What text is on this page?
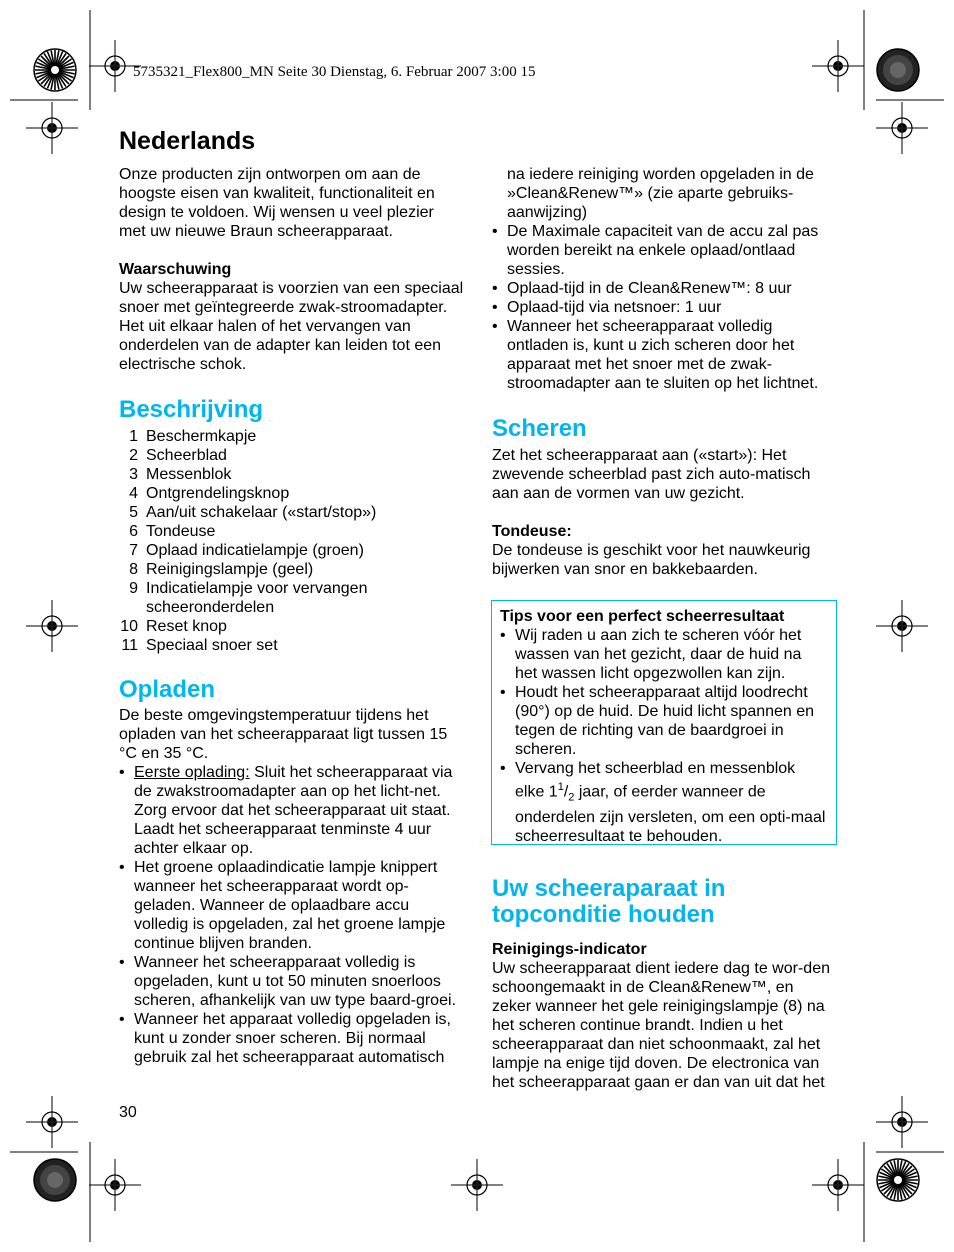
5735321_Flex800_MN Seite 30 Dienstag, 6. Februar 2007 3:00 15
Nederlands

Onze producten zijn ontworpen om aan de hoogste eisen van kwaliteit, functionaliteit en design te voldoen. Wij wensen u veel plezier met uw nieuwe Braun scheerapparaat.

Waarschuwing

Uw scheerapparaat is voorzien van een speciaal snoer met geïntegreerde zwak-stroomadapter. Het uit elkaar halen of het vervangen van onderdelen van de adapter kan leiden tot een electrische schok.

Beschrijving
1 Beschermkapje
2 Scheerblad
3 Messenblok
4 Ontgrendelingsknop
5 Aan/uit schakelaar («start/stop»)
6 Tondeuse
7 Oplaad indicatielampje (groen)
8 Reinigingslampje (geel)
9 Indicatielampje voor vervangen scheeronderdelen
10 Reset knop
11 Speciaal snoer set
Opladen

De beste omgevingstemperatuur tijdens het opladen van het scheerapparaat ligt tussen 15 °C en 35 °C.

• Eerste oplading: Sluit het scheerapparaat via de zwakstroomadapter aan op het licht-net. Zorg ervoor dat het scheerapparaat uit staat. Laadt het scheerapparaat tenminste 4 uur achter elkaar op.
• Het groene oplaadindicatie lampje knippert wanneer het scheerapparaat wordt op-geladen. Wanneer de oplaadbare accu volledig is opgeladen, zal het groene lampje continue blijven branden.
• Wanneer het scheerapparaat volledig is opgeladen, kunt u tot 50 minuten snoerloos scheren, afhankelijk van uw type baard-groei.
• Wanneer het apparaat volledig opgeladen is, kunt u zonder snoer scheren. Bij normaal gebruik zal het scheerapparaat automatisch

na iedere reiniging worden opgeladen in de »Clean&Renew™» (zie aparte gebruiks-aanwijzing)

• De Maximale capaciteit van de accu zal pas worden bereikt na enkele oplaad/ontlaad sessies.
• Oplaad-tijd in de Clean&Renew™: 8 uur
• Oplaad-tijd via netsnoer: 1 uur
• Wanneer het scheerapparaat volledig ontladen is, kunt u zich scheren door het apparaat met het snoer met de zwak-stroomadapter aan te sluiten op het lichtnet.
Scheren

Zet het scheerapparaat aan («start»): Het zwevende scheerblad past zich auto-matisch aan aan de vormen van uw gezicht.

Tondeuse:

De tondeuse is geschikt voor het nauwkeurig bijwerken van snor en bakkebaarden.

Tips voor een perfect scheerresultaat

• Wij raden u aan zich te scheren vóór het wassen van het gezicht, daar de huid na het wassen licht opgezwollen kan zijn.
• Houdt het scheerapparaat altijd loodrecht (90°) op de huid. De huid licht spannen en tegen de richting van de baardgroei in scheren.
• Vervang het scheerblad en messenblok elke $1^1/_2$ jaar, of eerder wanneer de onderdelen zijn versleten, om een opti-maal scheerresultaat te behouden.
Uw scheeraparaat in topconditie houden

Reinigings-indicator

Uw scheerapparaat dient iedere dag te wor-den schoongemaakt in de Clean&Renew™, en zeker wanneer het gele reinigingslampje (8) na het scheren continue brandt. Indien u het scheerapparaat dan niet schoonmaakt, zal het lampje na enige tijd doven. De electronica van het scheerapparaat gaan er dan van uit dat het

30
